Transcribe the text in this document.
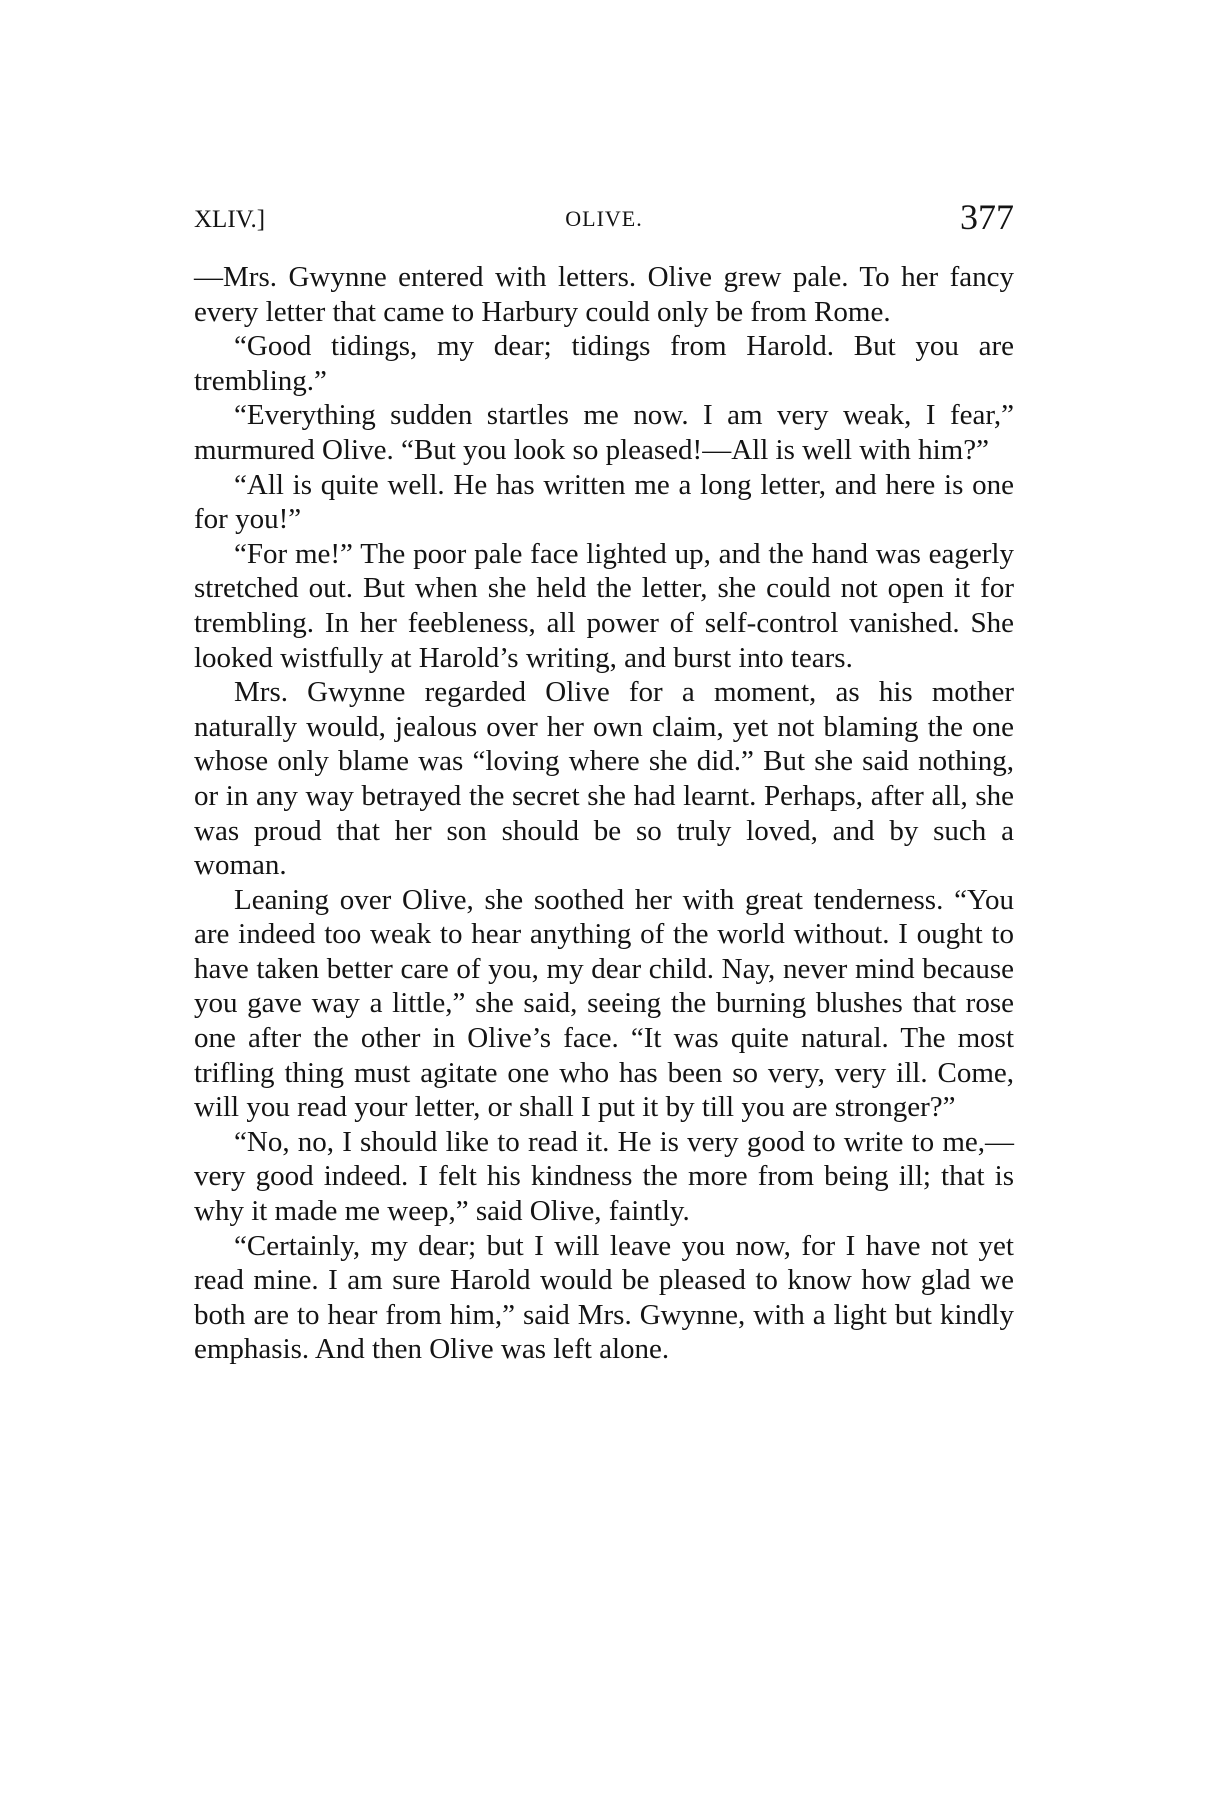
XLIV.]	OLIVE.	377

—Mrs. Gwynne entered with letters. Olive grew pale. To her fancy every letter that came to Harbury could only be from Rome.

“Good tidings, my dear; tidings from Harold. But you are trembling.”

“Everything sudden startles me now. I am very weak, I fear,” murmured Olive. “But you look so pleased!—All is well with him?”

“All is quite well. He has written me a long letter, and here is one for you!”

“For me!” The poor pale face lighted up, and the hand was eagerly stretched out. But when she held the letter, she could not open it for trembling. In her feebleness, all power of self-control vanished. She looked wistfully at Harold’s writing, and burst into tears.

Mrs. Gwynne regarded Olive for a moment, as his mother naturally would, jealous over her own claim, yet not blaming the one whose only blame was “loving where she did.” But she said nothing, or in any way betrayed the secret she had learnt. Perhaps, after all, she was proud that her son should be so truly loved, and by such a woman.

Leaning over Olive, she soothed her with great tenderness. “You are indeed too weak to hear anything of the world without. I ought to have taken better care of you, my dear child. Nay, never mind because you gave way a little,” she said, seeing the burning blushes that rose one after the other in Olive’s face. “It was quite natural. The most trifling thing must agitate one who has been so very, very ill. Come, will you read your letter, or shall I put it by till you are stronger?”

“No, no, I should like to read it. He is very good to write to me,—very good indeed. I felt his kindness the more from being ill; that is why it made me weep,” said Olive, faintly.

“Certainly, my dear; but I will leave you now, for I have not yet read mine. I am sure Harold would be pleased to know how glad we both are to hear from him,” said Mrs. Gwynne, with a light but kindly emphasis. And then Olive was left alone.
